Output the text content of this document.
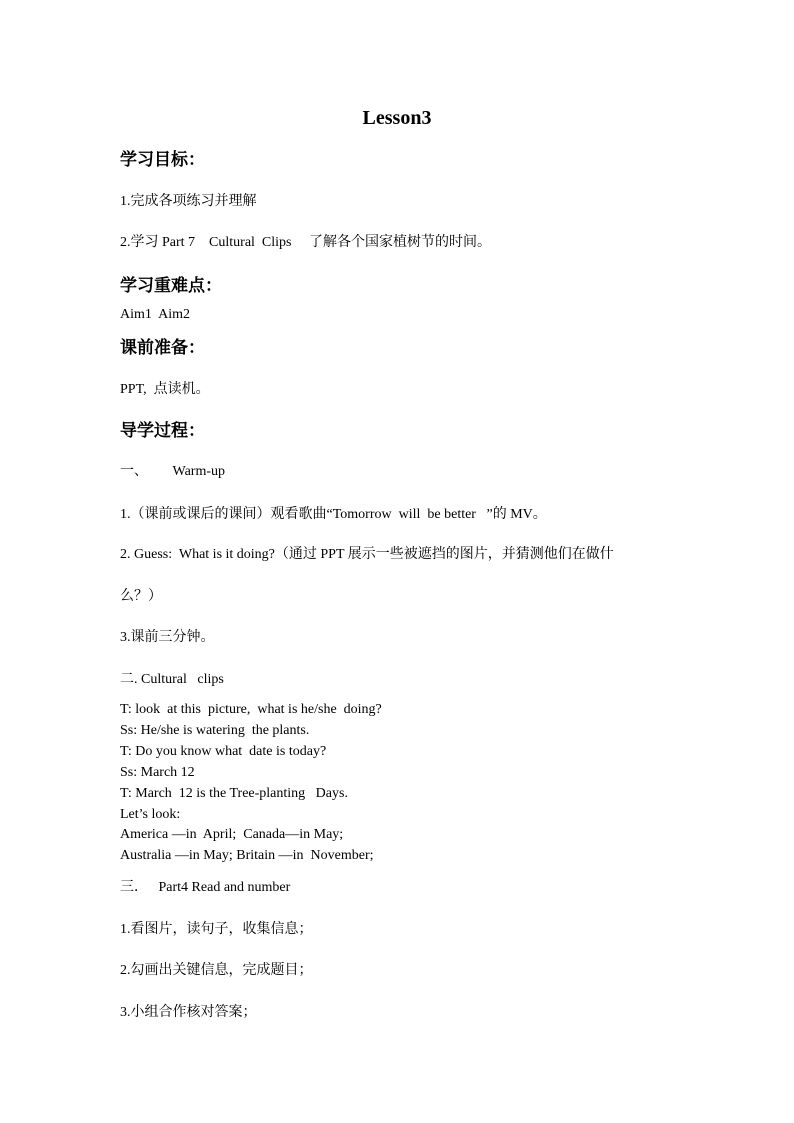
Lesson3
学习目标：
1.完成各项练习并理解
2.学习 Part 7    Cultural  Clips     了解各个国家植树节的时间。
学习重难点：
Aim1  Aim2
课前准备：
PPT,  点读机。
导学过程：
一、       Warm-up
1.（课前或课后的课间）观看歌曲“Tomorrow  will  be better   ”的 MV。
2. Guess:  What is it doing?（通过 PPT 展示一些被遮挡的图片，并猜测他们在做什
么？）
3.课前三分钟。
二. Cultural   clips
T: look  at this  picture,  what is he/she  doing?
Ss: He/she is watering  the plants.
T: Do you know what  date is today?
Ss: March 12
T: March  12 is the Tree-planting   Days.
Let’s look:
America —in  April;  Canada—in May;
Australia —in May; Britain —in  November;
三．   Part4 Read and number
1.看图片，读句子，收集信息；
2.勾画出关键信息，完成题目；
3.小组合作核对答案；
